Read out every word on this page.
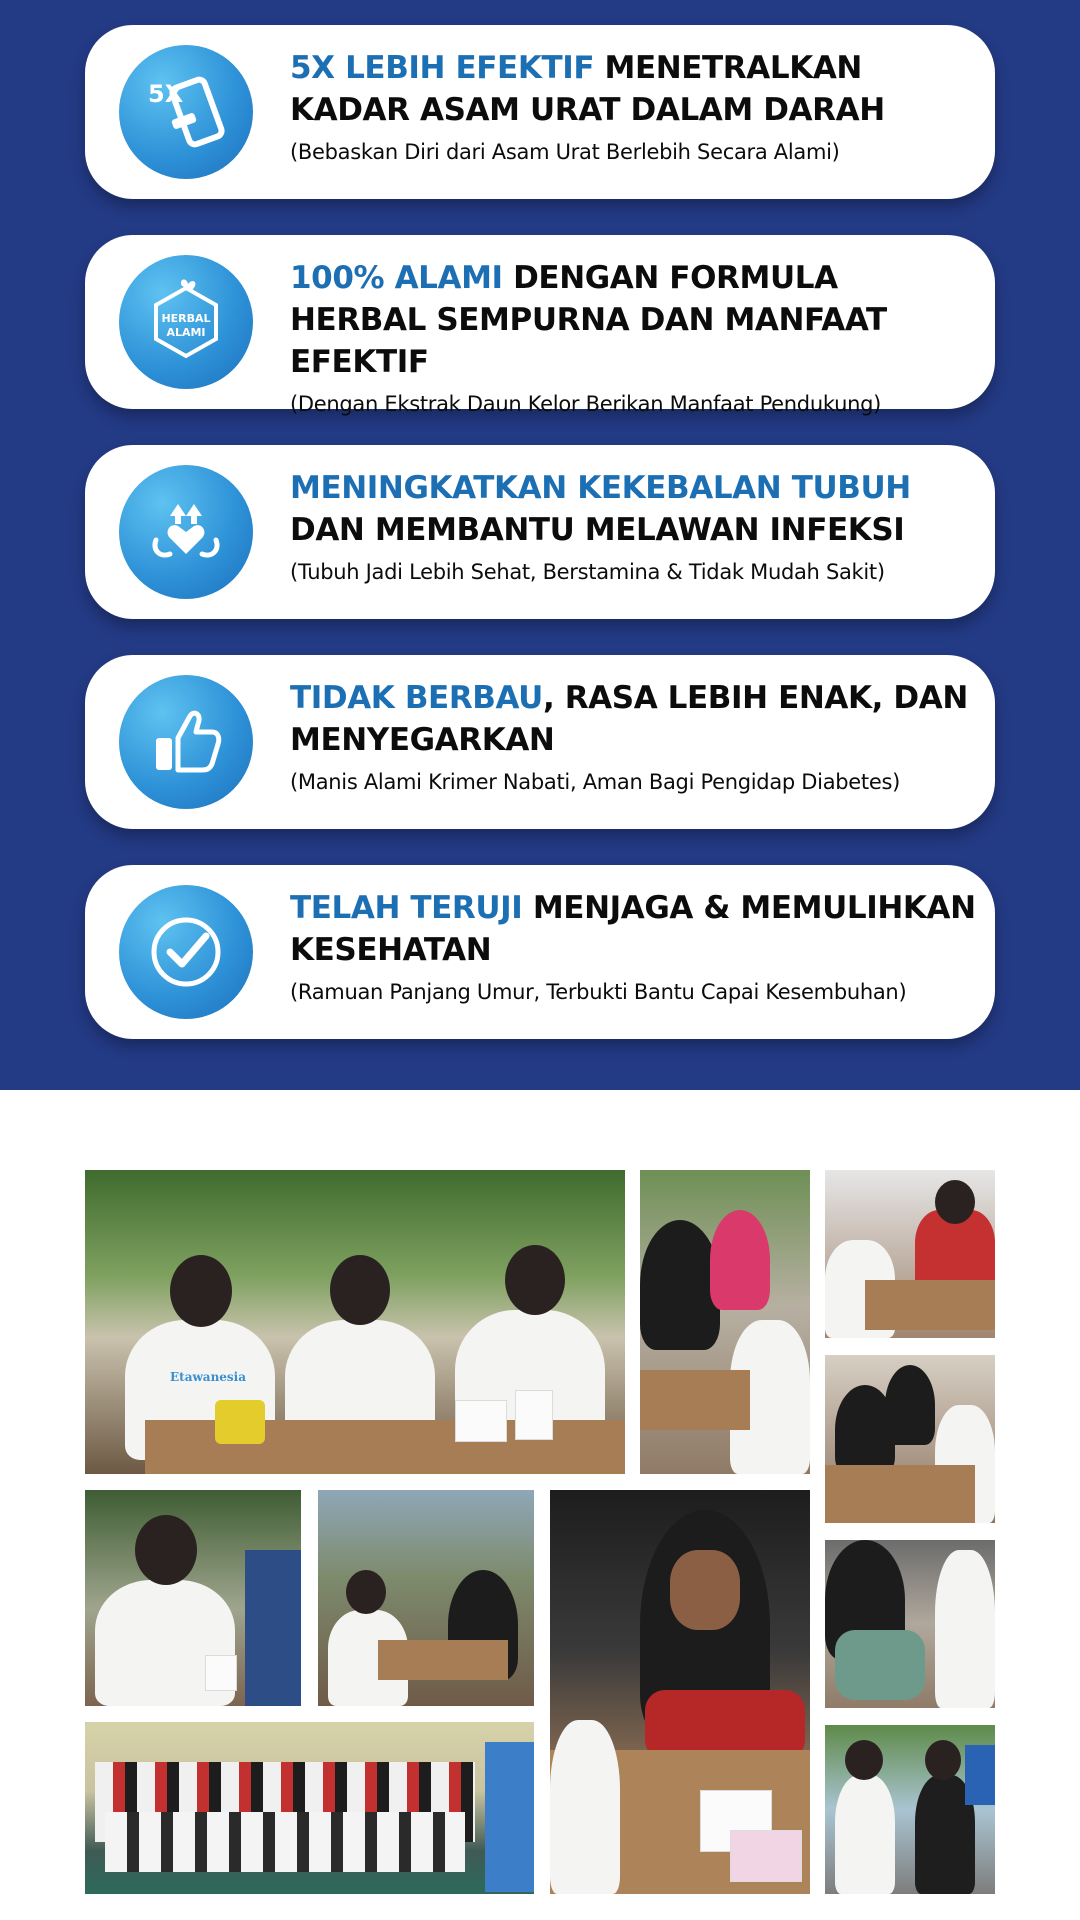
5X
5X LEBIH EFEKTIF MENETRALKAN KADAR ASAM URAT DALAM DARAH
(Bebaskan Diri dari Asam Urat Berlebih Secara Alami)
HERBAL
ALAMI
100% ALAMI DENGAN FORMULA HERBAL SEMPURNA DAN MANFAAT EFEKTIF
(Dengan Ekstrak Daun Kelor Berikan Manfaat Pendukung)
MENINGKATKAN KEKEBALAN TUBUH DAN MEMBANTU MELAWAN INFEKSI
(Tubuh Jadi Lebih Sehat, Berstamina & Tidak Mudah Sakit)
TIDAK BERBAU, RASA LEBIH ENAK, DAN MENYEGARKAN
(Manis Alami Krimer Nabati, Aman Bagi Pengidap Diabetes)
TELAH TERUJI MENJAGA & MEMULIHKAN KESEHATAN
(Ramuan Panjang Umur, Terbukti Bantu Capai Kesembuhan)
Etawanesia
